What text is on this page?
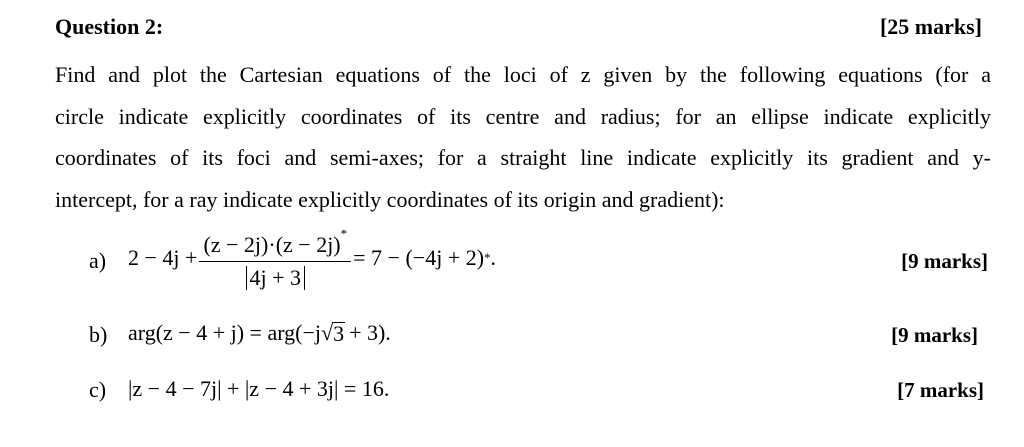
Question 2:	[25 marks]
Find and plot the Cartesian equations of the loci of z given by the following equations (for a
circle indicate explicitly coordinates of its centre and radius; for an ellipse indicate explicitly
coordinates of its foci and semi-axes; for a straight line indicate explicitly its gradient and y-
intercept, for a ray indicate explicitly coordinates of its origin and gradient):
a) $2 - 4j + \frac{(z - 2j)\cdot(z - 2j)^*}{4j + 3} = 7 - (-4j + 2)$ * .	[9 marks]
b) arg(z − 4 + j) = arg(−j √ 3 + 3).	[9 marks]
c) |z − 4 − 7j| + |z − 4 + 3j| = 16.	[7 marks]
